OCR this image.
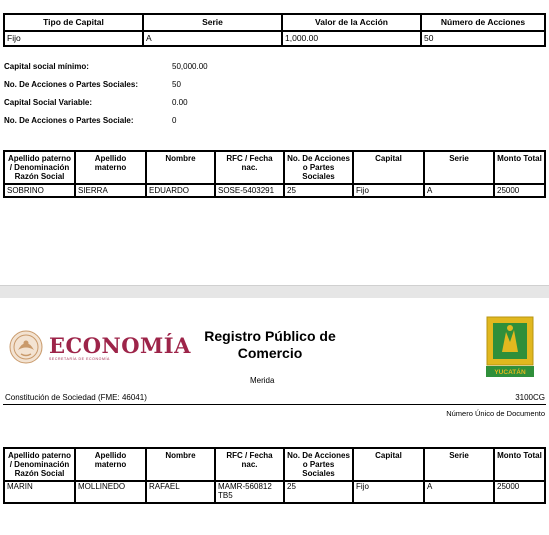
Tipo de Capital	Serie	Valor de la Acción	Número de Acciones
Fijo	A	1,000.00	50
Capital social mínimo:	50,000.00
No. De Acciones o Partes Sociales:	50
Capital Social Variable:	0.00
No. De Acciones o Partes Sociale:	0
Apellido paterno / Denominación Razón Social	Apellido materno	Nombre	RFC / Fecha nac.	No. De Acciones o Partes Sociales	Capital	Serie	Monto Total
SOBRINO	SIERRA	EDUARDO	SOSE-5403291	25	Fijo	A	25000
ECONOMÍA
SECRETARÍA DE ECONOMÍA
Registro Público de Comercio
Merida
YUCATÁN
Constitución de Sociedad (FME: 46041)	3100CG
Número Único de Documento
Apellido paterno / Denominación Razón Social	Apellido materno	Nombre	RFC / Fecha nac.	No. De Acciones o Partes Sociales	Capital	Serie	Monto Total
MARIN	MOLLINEDO	RAFAEL	MAMR-560812 TB5	25	Fijo	A	25000
